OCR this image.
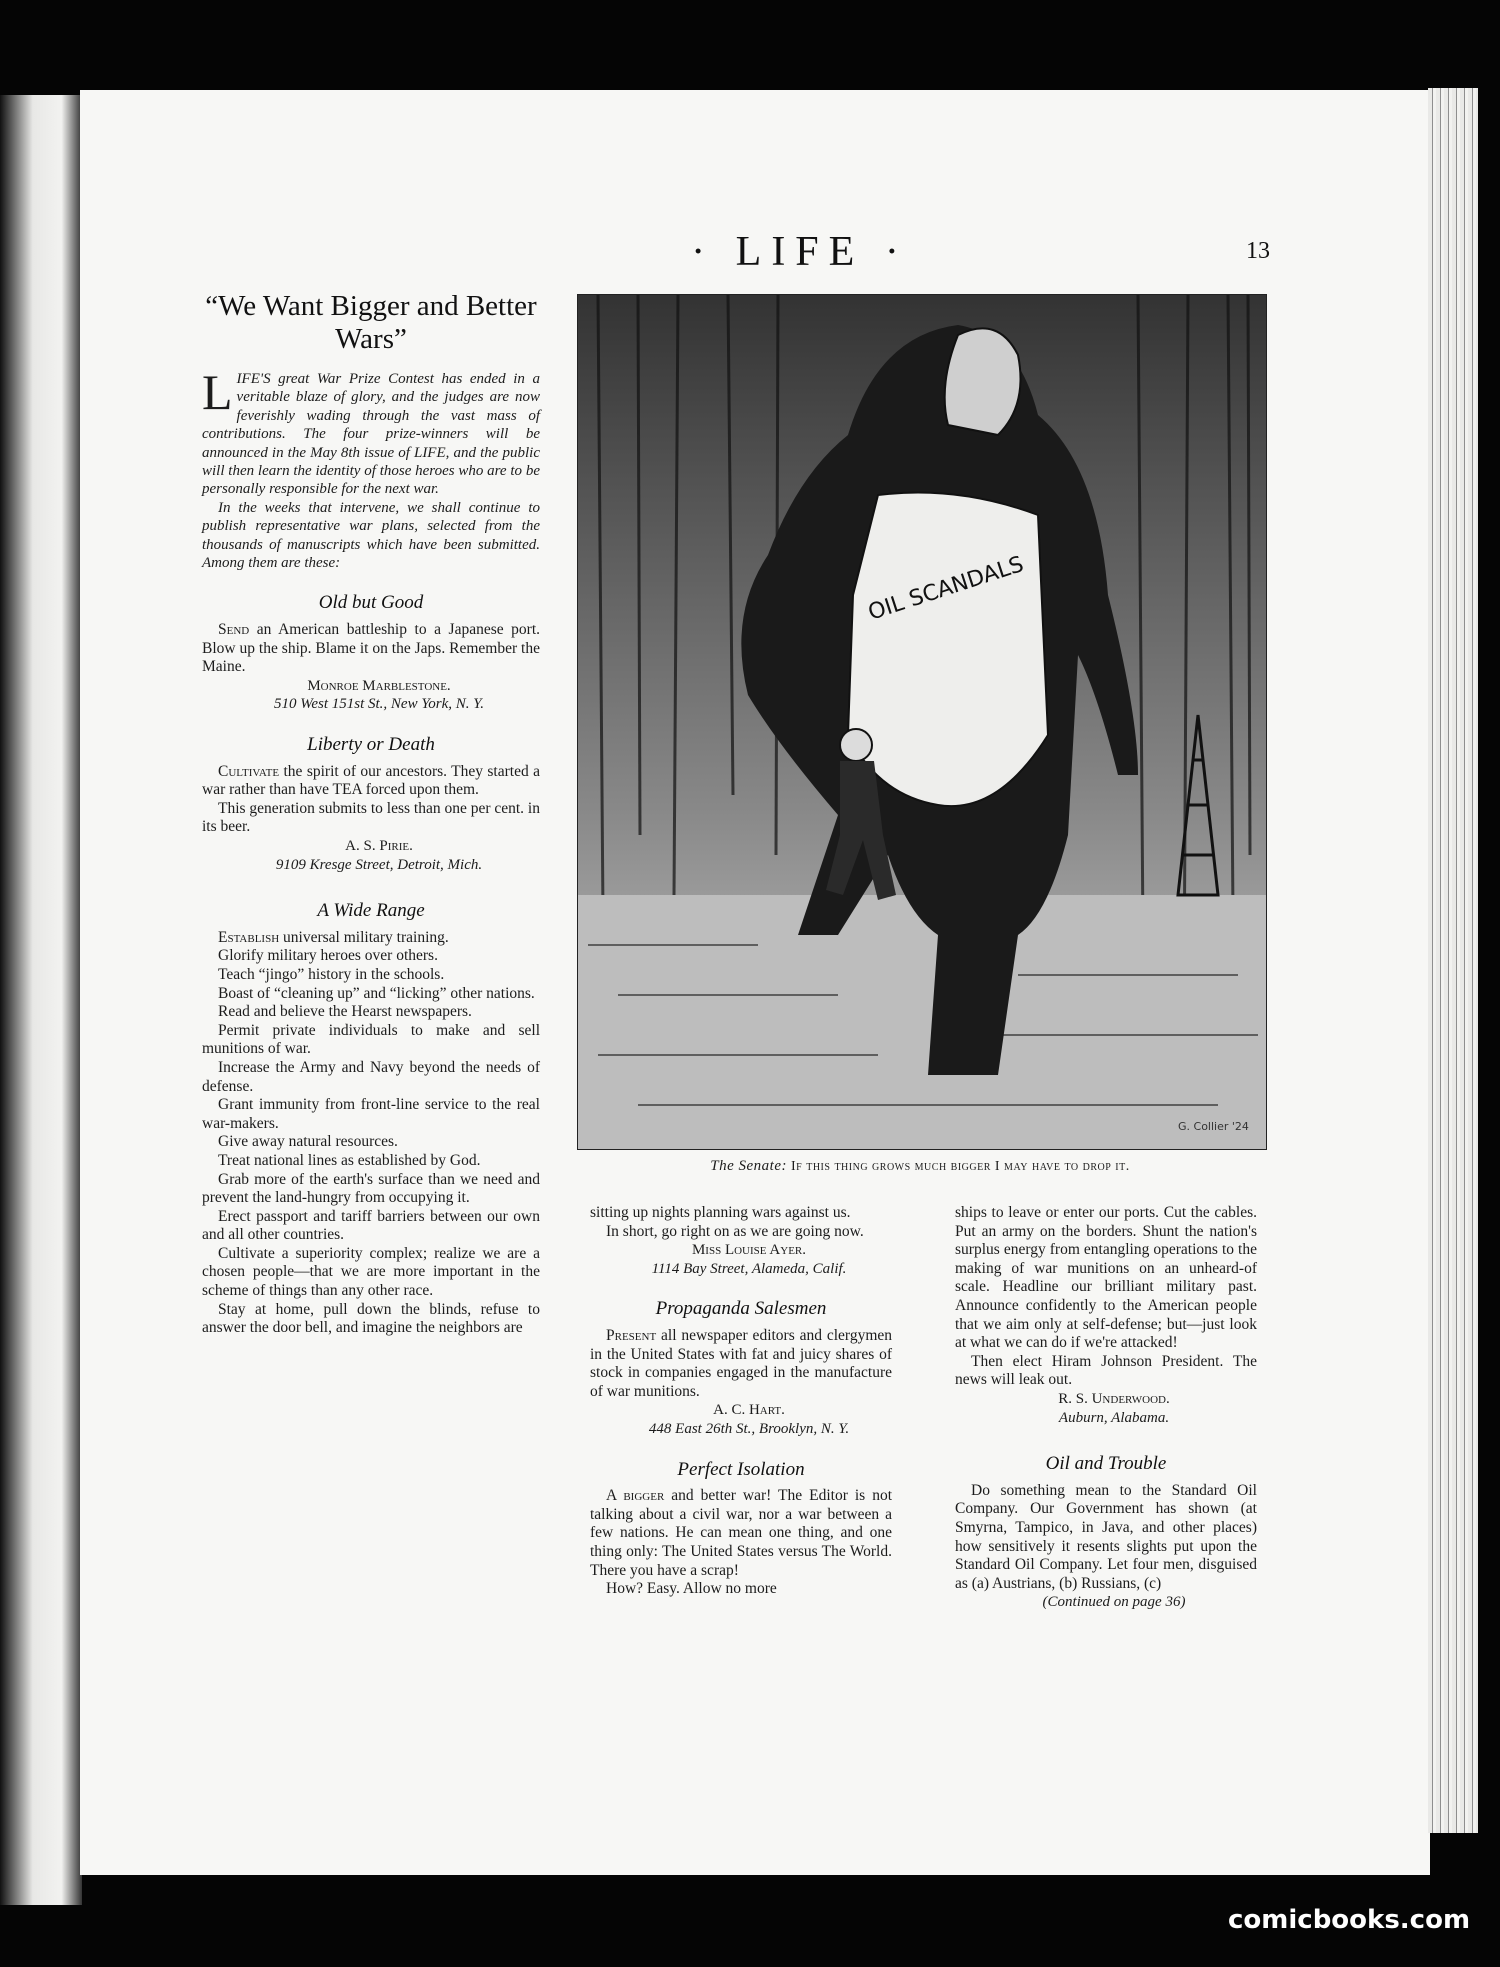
· LIFE ·	13
“We Want Bigger and Better Wars”

LIFE'S great War Prize Contest has ended in a veritable blaze of glory, and the judges are now feverishly wading through the vast mass of contributions. The four prize-winners will be announced in the May 8th issue of LIFE, and the public will then learn the identity of those heroes who are to be personally responsible for the next war.

In the weeks that intervene, we shall continue to publish representative war plans, selected from the thousands of manuscripts which have been submitted. Among them are these:

Old but Good

Send an American battleship to a Japanese port. Blow up the ship. Blame it on the Japs. Remember the Maine.

Monroe Marblestone.

510 West 151st St., New York, N. Y.

Liberty or Death

Cultivate the spirit of our ancestors. They started a war rather than have TEA forced upon them.

This generation submits to less than one per cent. in its beer.

A. S. Pirie.

9109 Kresge Street, Detroit, Mich.

A Wide Range

Establish universal military training.

Glorify military heroes over others.

Teach “jingo” history in the schools.

Boast of “cleaning up” and “licking” other nations.

Read and believe the Hearst newspapers.

Permit private individuals to make and sell munitions of war.

Increase the Army and Navy beyond the needs of defense.

Grant immunity from front-line service to the real war-makers.

Give away natural resources.

Treat national lines as established by God.

Grab more of the earth's surface than we need and prevent the land-hungry from occupying it.

Erect passport and tariff barriers between our own and all other countries.

Cultivate a superiority complex; realize we are a chosen people—that we are more important in the scheme of things than any other race.

Stay at home, pull down the blinds, refuse to answer the door bell, and imagine the neighbors are

OIL SCANDALS
G. Collier '24
The Senate: If this thing grows much bigger I may have to drop it.

sitting up nights planning wars against us.

In short, go right on as we are going now.

Miss Louise Ayer.

1114 Bay Street, Alameda, Calif.

Propaganda Salesmen

Present all newspaper editors and clergymen in the United States with fat and juicy shares of stock in companies engaged in the manufacture of war munitions.

A. C. Hart.

448 East 26th St., Brooklyn, N. Y.

Perfect Isolation

A bigger and better war! The Editor is not talking about a civil war, nor a war between a few nations. He can mean one thing, and one thing only: The United States versus The World. There you have a scrap!

How? Easy. Allow no more

ships to leave or enter our ports. Cut the cables. Put an army on the borders. Shunt the nation's surplus energy from entangling operations to the making of war munitions on an unheard-of scale. Headline our brilliant military past. Announce confidently to the American people that we aim only at self-defense; but—just look at what we can do if we're attacked!

Then elect Hiram Johnson President. The news will leak out.

R. S. Underwood.

Auburn, Alabama.

Oil and Trouble

Do something mean to the Standard Oil Company. Our Government has shown (at Smyrna, Tampico, in Java, and other places) how sensitively it resents slights put upon the Standard Oil Company. Let four men, disguised as (a) Austrians, (b) Russians, (c)

(Continued on page 36)

comicbooks.com
